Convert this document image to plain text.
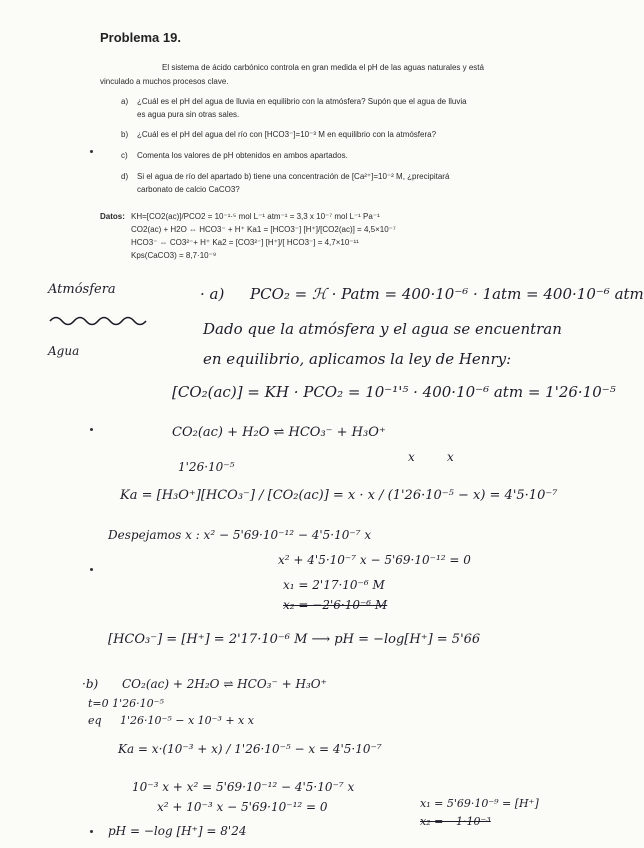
Problema 19.
El sistema de ácido carbónico controla en gran medida el pH de las aguas naturales y está
vinculado a muchos procesos clave.
a) ¿Cuál es el pH del agua de lluvia en equilibrio con la atmósfera? Supón que el agua de lluvia
es agua pura sin otras sales.
b) ¿Cuál es el pH del agua del río con [HCO3⁻]=10⁻³ M en equilibrio con la atmósfera?
c) Comenta los valores de pH obtenidos en ambos apartados.
d) Si el agua de río del apartado b) tiene una concentración de [Ca²⁺]=10⁻² M, ¿precipitará
carbonato de calcio CaCO3?
Datos: KH=[CO2(ac)]/PCO2 = 10⁻¹·⁵ mol L⁻¹ atm⁻¹ = 3,3 x 10⁻⁷ mol L⁻¹ Pa⁻¹
CO2(ac) + H2O ⇔ HCO3⁻ + H⁺ Ka1 = [HCO3⁻] [H⁺]/[CO2(ac)] = 4,5×10⁻⁷
HCO3⁻ ⇔ CO3²⁻+ H⁺ Ka2 = [CO3²⁻] [H⁺]/[ HCO3⁻] = 4,7×10⁻¹¹
Kps(CaCO3) = 8,7·10⁻⁹
Atmósfera
Agua
· a) PCO₂ = ℋ · Patm = 400·10⁻⁶ · 1atm = 400·10⁻⁶ atm
Dado que la atmósfera y el agua se encuentran
en equilibrio, aplicamos la ley de Henry:
[CO₂(ac)] = KH · PCO₂ = 10⁻¹'⁵ · 400·10⁻⁶ atm = 1'26·10⁻⁵
CO₂(ac) + H₂O ⇌ HCO₃⁻ + H₃O⁺
x	x
1'26·10⁻⁵
Ka = [H₃O⁺][HCO₃⁻] / [CO₂(ac)] = x · x / (1'26·10⁻⁵ − x) = 4'5·10⁻⁷
Despejamos x : x² − 5'69·10⁻¹² − 4'5·10⁻⁷ x
x² + 4'5·10⁻⁷ x − 5'69·10⁻¹² = 0
x₁ = 2'17·10⁻⁶ M
x₂ = −2'6·10⁻⁶ M
[HCO₃⁻] = [H⁺] = 2'17·10⁻⁶ M ⟶ pH = −log[H⁺] = 5'66
·b) CO₂(ac) + 2H₂O ⇌ HCO₃⁻ + H₃O⁺
t=0 1'26·10⁻⁵
eq 1'26·10⁻⁵ − x 10⁻³ + x x
Ka = x·(10⁻³ + x) / 1'26·10⁻⁵ − x = 4'5·10⁻⁷
10⁻³ x + x² = 5'69·10⁻¹² − 4'5·10⁻⁷ x
x² + 10⁻³ x − 5'69·10⁻¹² = 0	x₁ = 5'69·10⁻⁹ = [H⁺]
x₂ = −1·10⁻³
pH = −log [H⁺] = 8'24
